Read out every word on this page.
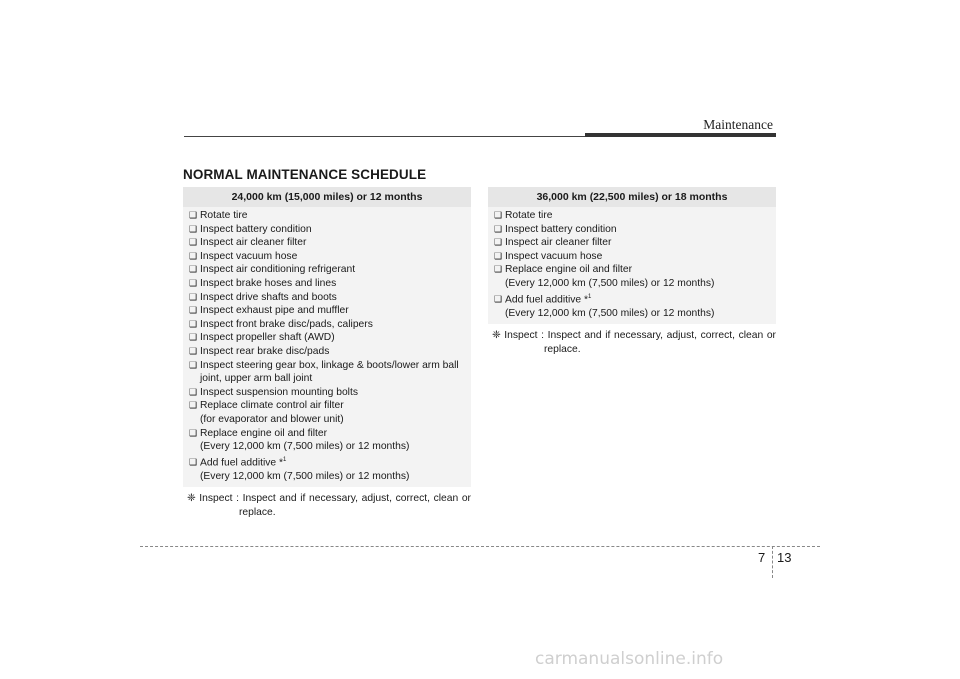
Maintenance
NORMAL MAINTENANCE SCHEDULE
24,000 km (15,000 miles) or 12 months
❑ Rotate tire
❑ Inspect battery condition
❑ Inspect air cleaner filter
❑ Inspect vacuum hose
❑ Inspect air conditioning refrigerant
❑ Inspect brake hoses and lines
❑ Inspect drive shafts and boots
❑ Inspect exhaust pipe and muffler
❑ Inspect front brake disc/pads, calipers
❑ Inspect propeller shaft (AWD)
❑ Inspect rear brake disc/pads
❑ Inspect steering gear box, linkage & boots/lower arm ball
joint, upper arm ball joint
❑ Inspect suspension mounting bolts
❑ Replace climate control air filter
(for evaporator and blower unit)
❑ Replace engine oil and filter
(Every 12,000 km (7,500 miles) or 12 months)
❑ Add fuel additive *$^1$
(Every 12,000 km (7,500 miles) or 12 months)
❈ Inspect : Inspect and if necessary, adjust, correct, clean or
replace.
36,000 km (22,500 miles) or 18 months
❑ Rotate tire
❑ Inspect battery condition
❑ Inspect air cleaner filter
❑ Inspect vacuum hose
❑ Replace engine oil and filter
(Every 12,000 km (7,500 miles) or 12 months)
❑ Add fuel additive *$^1$
(Every 12,000 km (7,500 miles) or 12 months)
❈ Inspect : Inspect and if necessary, adjust, correct, clean or
replace.
7 13
carmanualsonline.info
